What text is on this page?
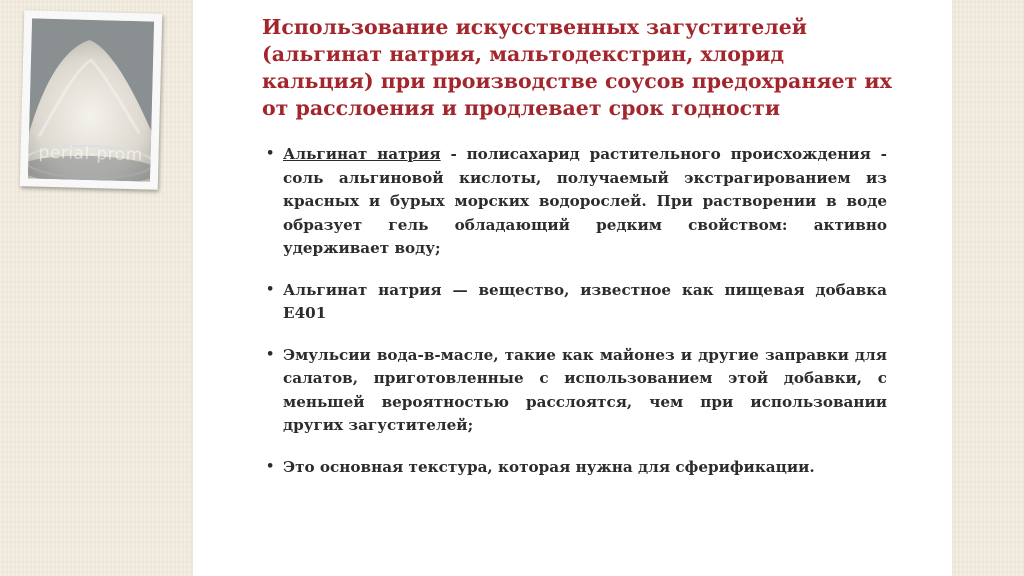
perial-prom
Использование искусственных загустителей (альгинат натрия, мальтодекстрин, хлорид кальция) при производстве соусов предохраняет их от расслоения и продлевает срок годности
• Альгинат натрия - полисахарид растительного происхождения - соль альгиновой кислоты, получаемый экстрагированием из красных и бурых морских водорослей. При растворении в воде образует гель обладающий редким свойством: активно удерживает воду;
• Альгинат натрия — вещество, известное как пищевая добавка E401
• Эмульсии вода-в-масле, такие как майонез и другие заправки для салатов, приготовленные с использованием этой добавки, с меньшей вероятностью расслоятся, чем при использовании других загустителей;
• Это основная текстура, которая нужна для сферификации.
